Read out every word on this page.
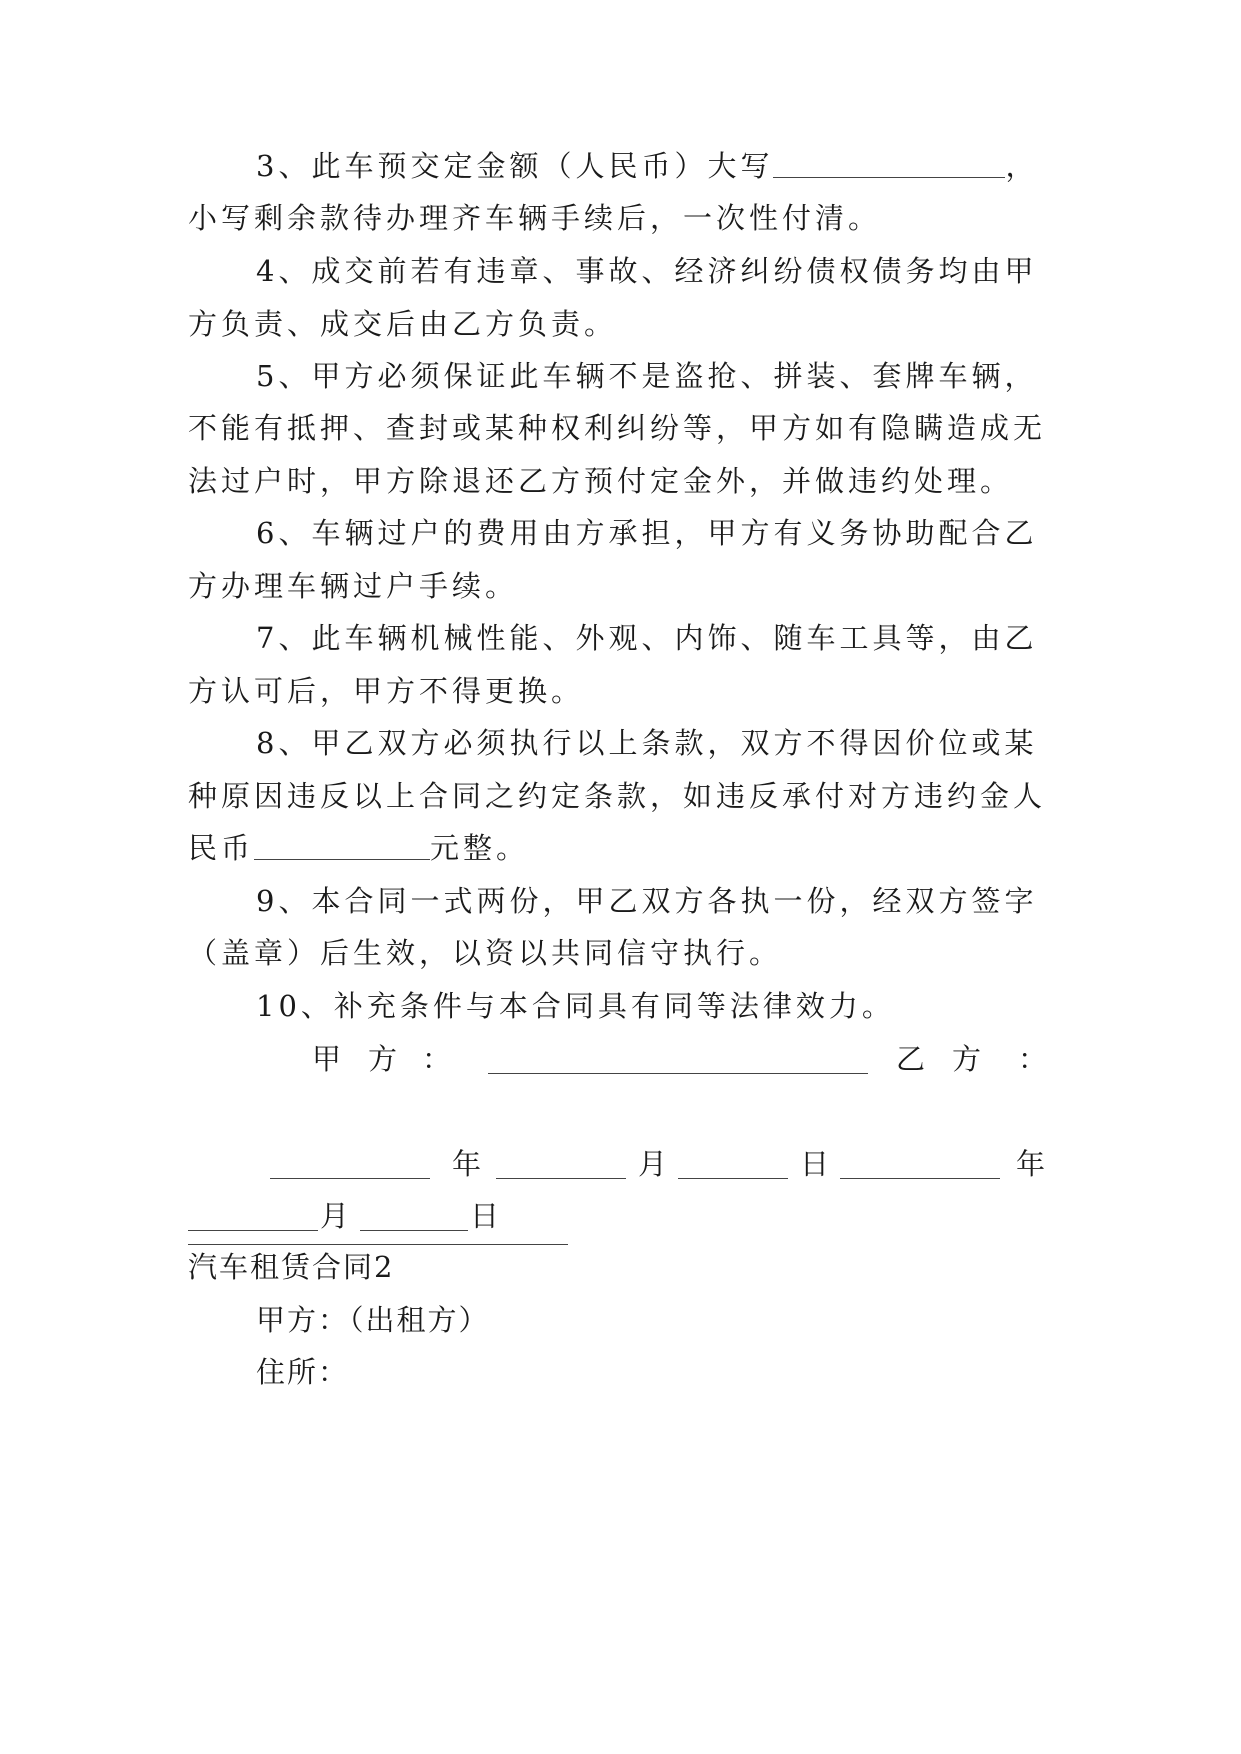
3、此车预交定金额（人民币）大写	，
小写剩余款待办理齐车辆手续后，一次性付清。
4、成交前若有违章、事故、经济纠纷债权债务均由甲
方负责、成交后由乙方负责。
5、甲方必须保证此车辆不是盗抢、拼装、套牌车辆，
不能有抵押、查封或某种权利纠纷等，甲方如有隐瞒造成无
法过户时，甲方除退还乙方预付定金外，并做违约处理。
6、车辆过户的费用由方承担，甲方有义务协助配合乙
方办理车辆过户手续。
7、此车辆机械性能、外观、内饰、随车工具等，由乙
方认可后，甲方不得更换。
8、甲乙双方必须执行以上条款，双方不得因价位或某
种原因违反以上合同之约定条款，如违反承付对方违约金人
民币	元整。
9、本合同一式两份，甲乙双方各执一份，经双方签字
（盖章）后生效，以资以共同信守执行。
10、补充条件与本合同具有同等法律效力。
甲 方 ：	乙 方 ：
年	月	日	年
月	日
汽车租赁合同2
甲方：（出租方）
住所：
